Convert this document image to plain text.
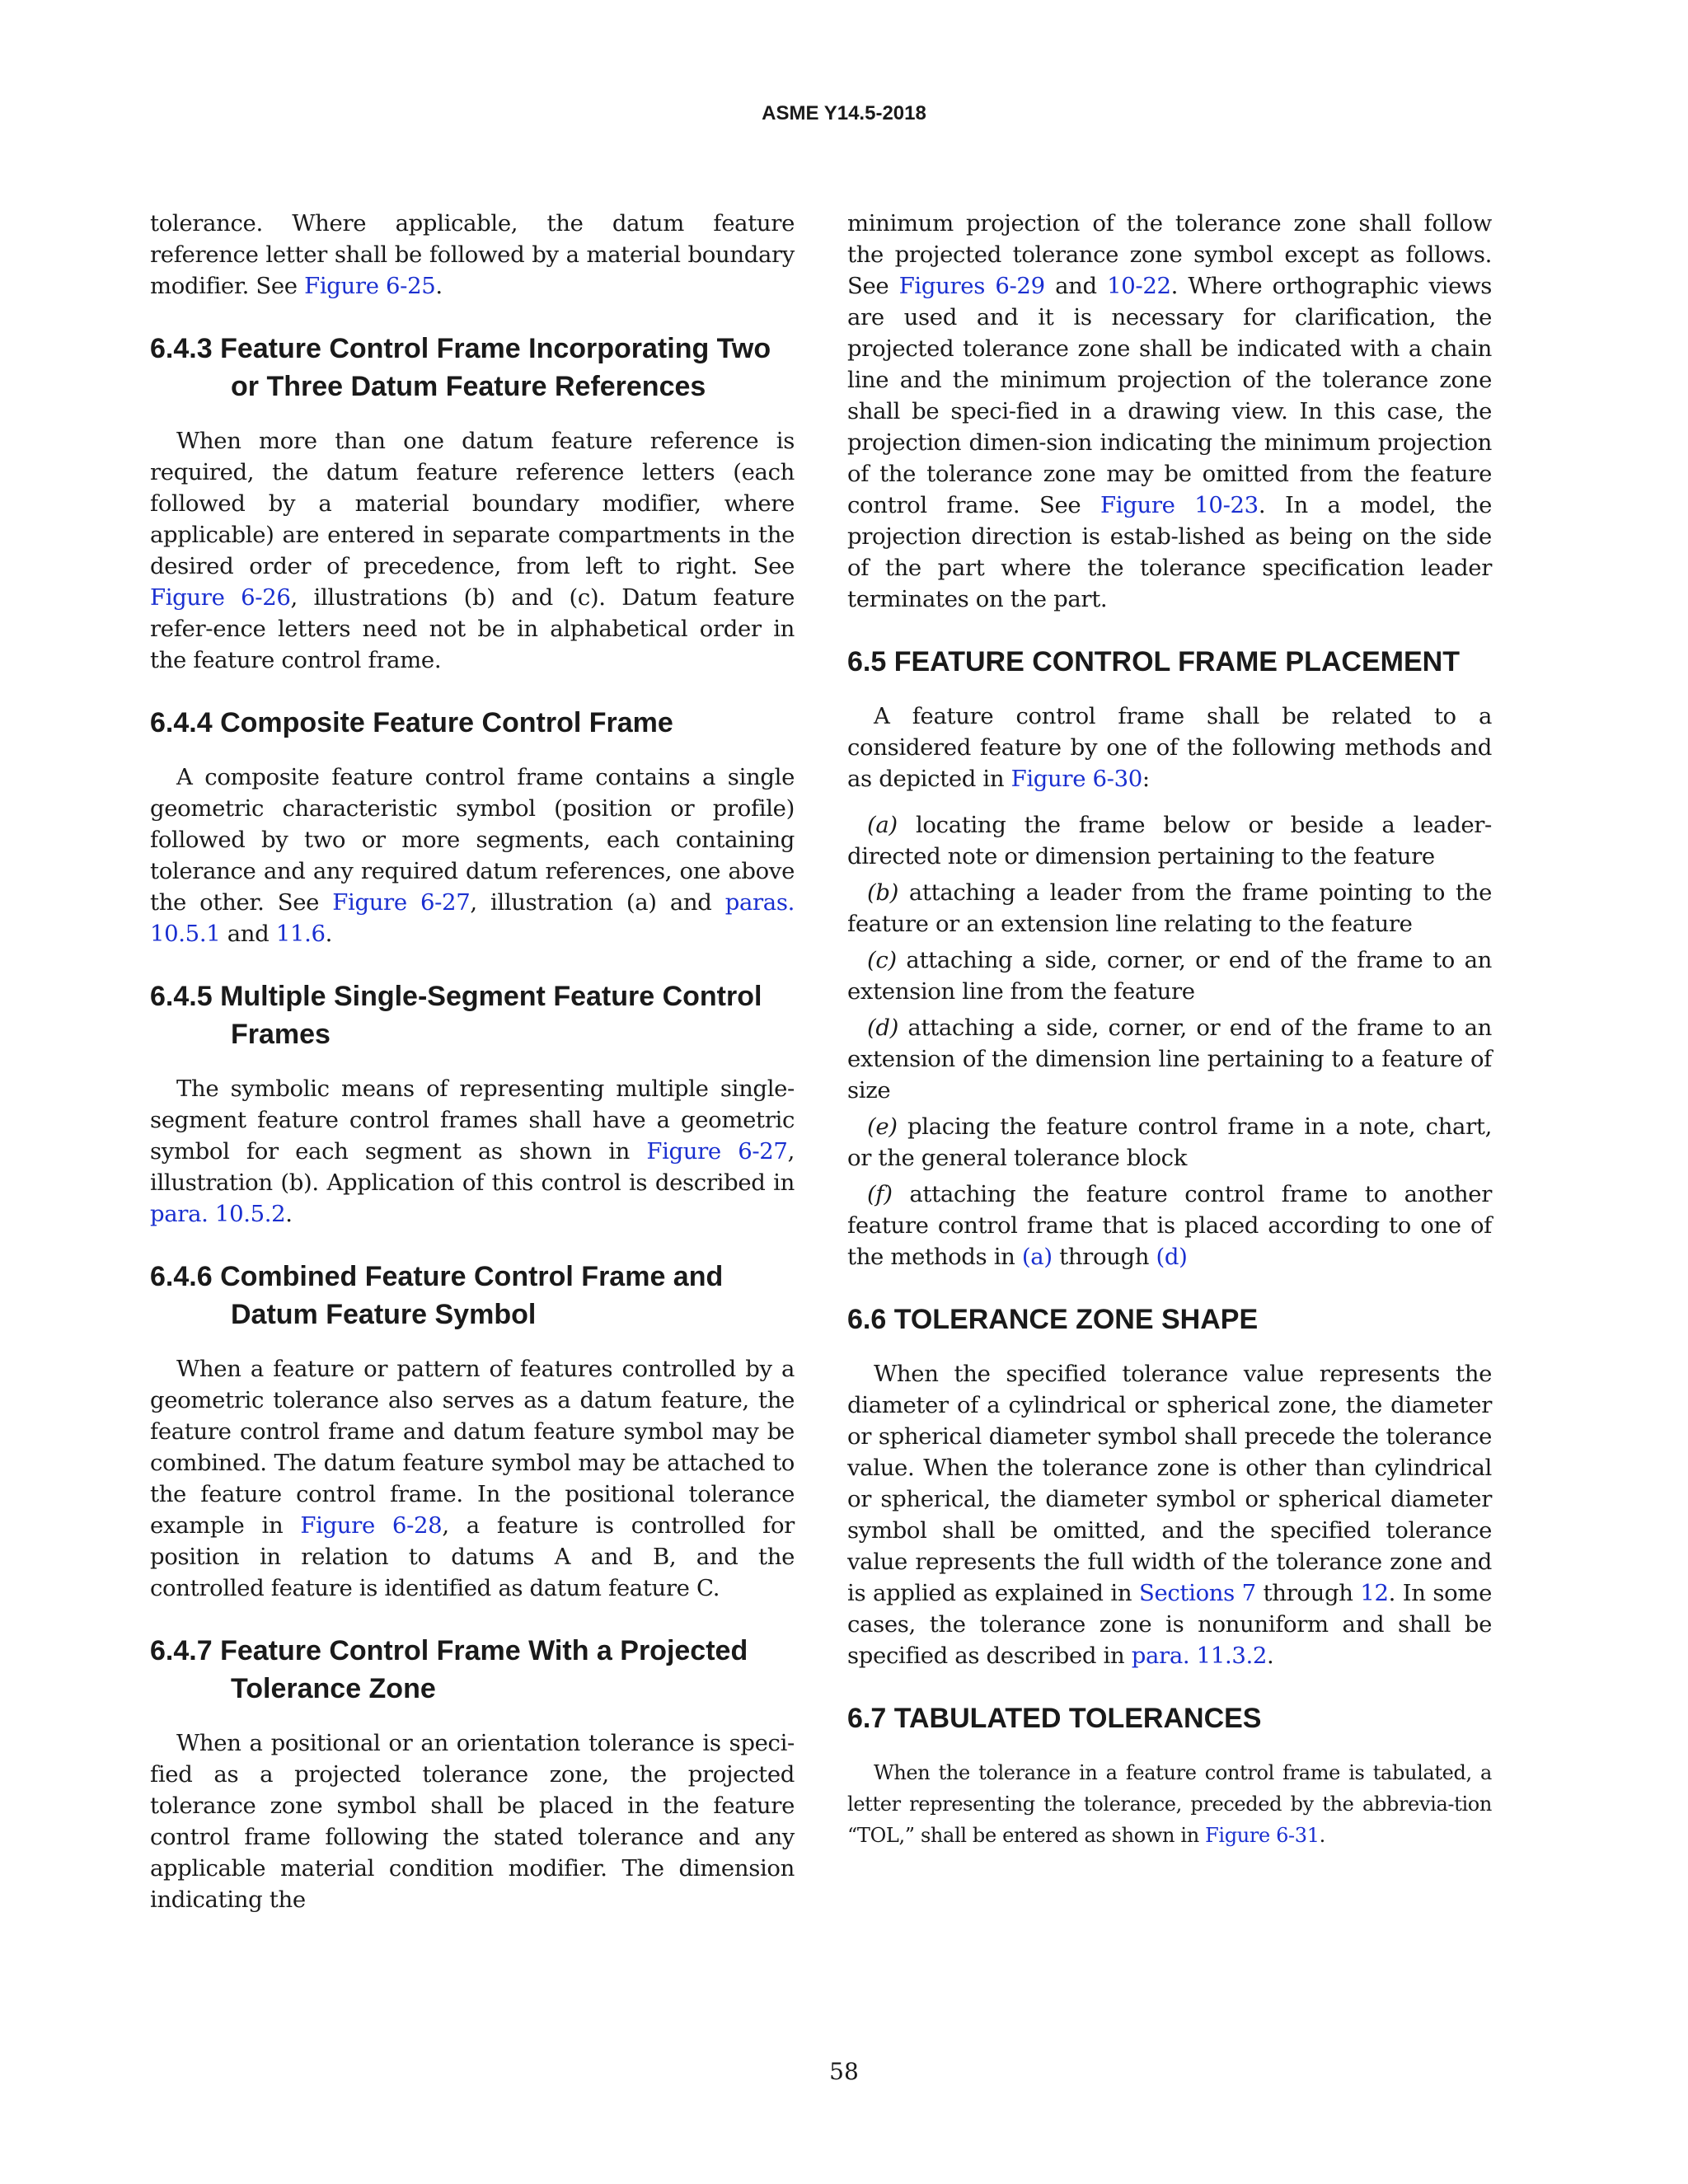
ASME Y14.5-2018

tolerance. Where applicable, the datum feature reference letter shall be followed by a material boundary modifier. See Figure 6-25.

6.4.3 Feature Control Frame Incorporating Two or Three Datum Feature References

When more than one datum feature reference is required, the datum feature reference letters (each followed by a material boundary modifier, where applicable) are entered in separate compartments in the desired order of precedence, from left to right. See Figure 6-26, illustrations (b) and (c). Datum feature refer-ence letters need not be in alphabetical order in the feature control frame.

6.4.4 Composite Feature Control Frame

A composite feature control frame contains a single geometric characteristic symbol (position or profile) followed by two or more segments, each containing tolerance and any required datum references, one above the other. See Figure 6-27, illustration (a) and paras. 10.5.1 and 11.6.

6.4.5 Multiple Single-Segment Feature Control Frames

The symbolic means of representing multiple single-segment feature control frames shall have a geometric symbol for each segment as shown in Figure 6-27, illustration (b). Application of this control is described in para. 10.5.2.

6.4.6 Combined Feature Control Frame and Datum Feature Symbol

When a feature or pattern of features controlled by a geometric tolerance also serves as a datum feature, the feature control frame and datum feature symbol may be combined. The datum feature symbol may be attached to the feature control frame. In the positional tolerance example in Figure 6-28, a feature is controlled for position in relation to datums A and B, and the controlled feature is identified as datum feature C.

6.4.7 Feature Control Frame With a Projected Tolerance Zone

When a positional or an orientation tolerance is speci-fied as a projected tolerance zone, the projected tolerance zone symbol shall be placed in the feature control frame following the stated tolerance and any applicable material condition modifier. The dimension indicating the

minimum projection of the tolerance zone shall follow the projected tolerance zone symbol except as follows. See Figures 6-29 and 10-22. Where orthographic views are used and it is necessary for clarification, the projected tolerance zone shall be indicated with a chain line and the minimum projection of the tolerance zone shall be speci-fied in a drawing view. In this case, the projection dimen-sion indicating the minimum projection of the tolerance zone may be omitted from the feature control frame. See Figure 10-23. In a model, the projection direction is estab-lished as being on the side of the part where the tolerance specification leader terminates on the part.

6.5 FEATURE CONTROL FRAME PLACEMENT

A feature control frame shall be related to a considered feature by one of the following methods and as depicted in Figure 6-30:

(a) locating the frame below or beside a leader-directed note or dimension pertaining to the feature

(b) attaching a leader from the frame pointing to the feature or an extension line relating to the feature

(c) attaching a side, corner, or end of the frame to an extension line from the feature

(d) attaching a side, corner, or end of the frame to an extension of the dimension line pertaining to a feature of size

(e) placing the feature control frame in a note, chart, or the general tolerance block

(f) attaching the feature control frame to another feature control frame that is placed according to one of the methods in (a) through (d)

6.6 TOLERANCE ZONE SHAPE

When the specified tolerance value represents the diameter of a cylindrical or spherical zone, the diameter or spherical diameter symbol shall precede the tolerance value. When the tolerance zone is other than cylindrical or spherical, the diameter symbol or spherical diameter symbol shall be omitted, and the specified tolerance value represents the full width of the tolerance zone and is applied as explained in Sections 7 through 12. In some cases, the tolerance zone is nonuniform and shall be specified as described in para. 11.3.2.

6.7 TABULATED TOLERANCES

When the tolerance in a feature control frame is tabulated, a letter representing the tolerance, preceded by the abbrevia-tion “TOL,” shall be entered as shown in Figure 6-31.

58
